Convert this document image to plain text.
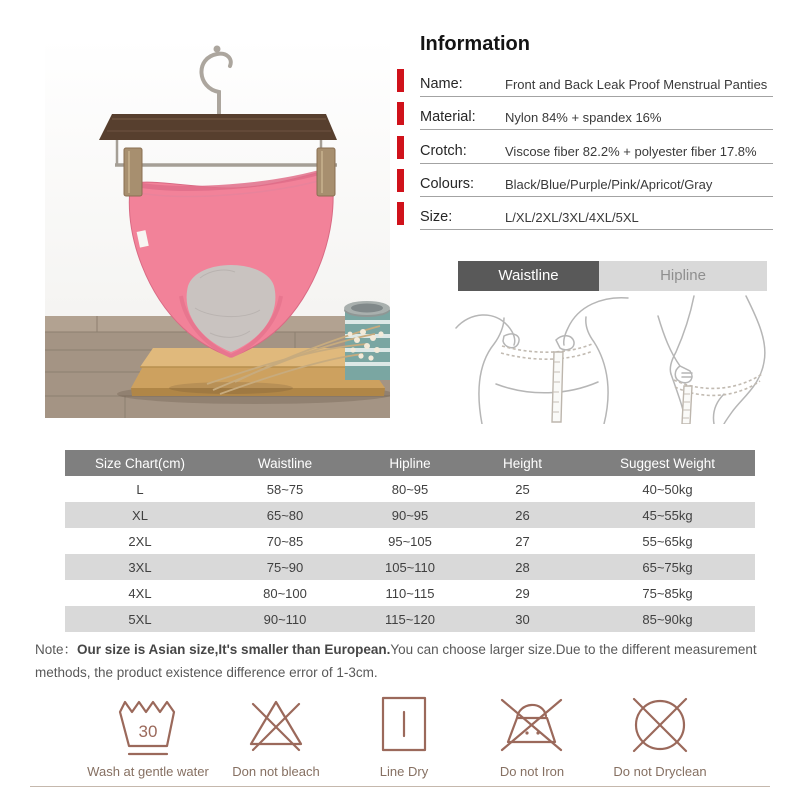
Information
Name:	Front and Back Leak Proof Menstrual Panties
Material:	Nylon 84% + spandex 16%
Crotch:	Viscose fiber 82.2% + polyester fiber 17.8%
Colours:	Black/Blue/Purple/Pink/Apricot/Gray
Size:	L/XL/2XL/3XL/4XL/5XL
Waistline	Hipline
Size Chart(cm)	Waistline	Hipline	Height	Suggest Weight
L	58~75	80~95	25	40~50kg
XL	65~80	90~95	26	45~55kg
2XL	70~85	95~105	27	55~65kg
3XL	75~90	105~110	28	65~75kg
4XL	80~100	110~115	29	75~85kg
5XL	90~110	115~120	30	85~90kg
Note：Our size is Asian size,It's smaller than European.You can choose larger size.Due to the different measurement methods, the product existence difference error of 1-3cm.
30
Wash at gentle water Don not bleach	Line Dry	Do not Iron	Do not Dryclean
